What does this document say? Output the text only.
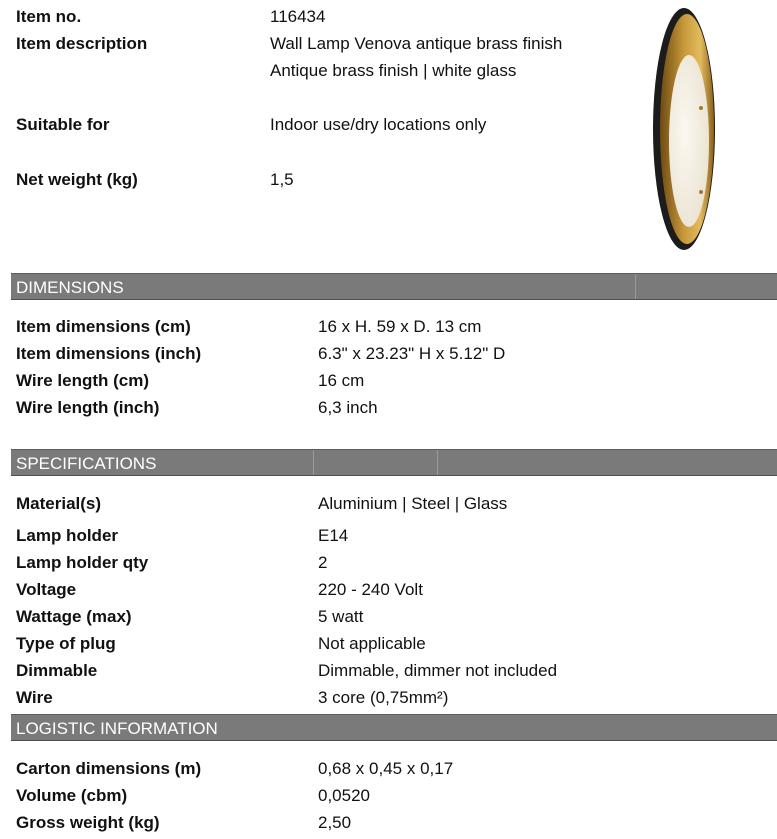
Item no.	116434
Item description	Wall Lamp Venova antique brass finish
Antique brass finish | white glass
Suitable for	Indoor use/dry locations only
Net weight (kg)	1,5
DIMENSIONS
Item dimensions (cm)	16 x H. 59 x D. 13 cm
Item dimensions (inch)	6.3" x 23.23" H x 5.12" D
Wire length (cm)	16 cm
Wire length (inch)	6,3 inch
SPECIFICATIONS
Material(s)	Aluminium | Steel | Glass
Lamp holder	E14
Lamp holder qty	2
Voltage	220 - 240 Volt
Wattage (max)	5 watt
Type of plug	Not applicable
Dimmable	Dimmable, dimmer not included
Wire	3 core (0,75mm²)
LOGISTIC INFORMATION
Carton dimensions (m)	0,68 x 0,45 x 0,17
Volume (cbm)	0,0520
Gross weight (kg)	2,50
